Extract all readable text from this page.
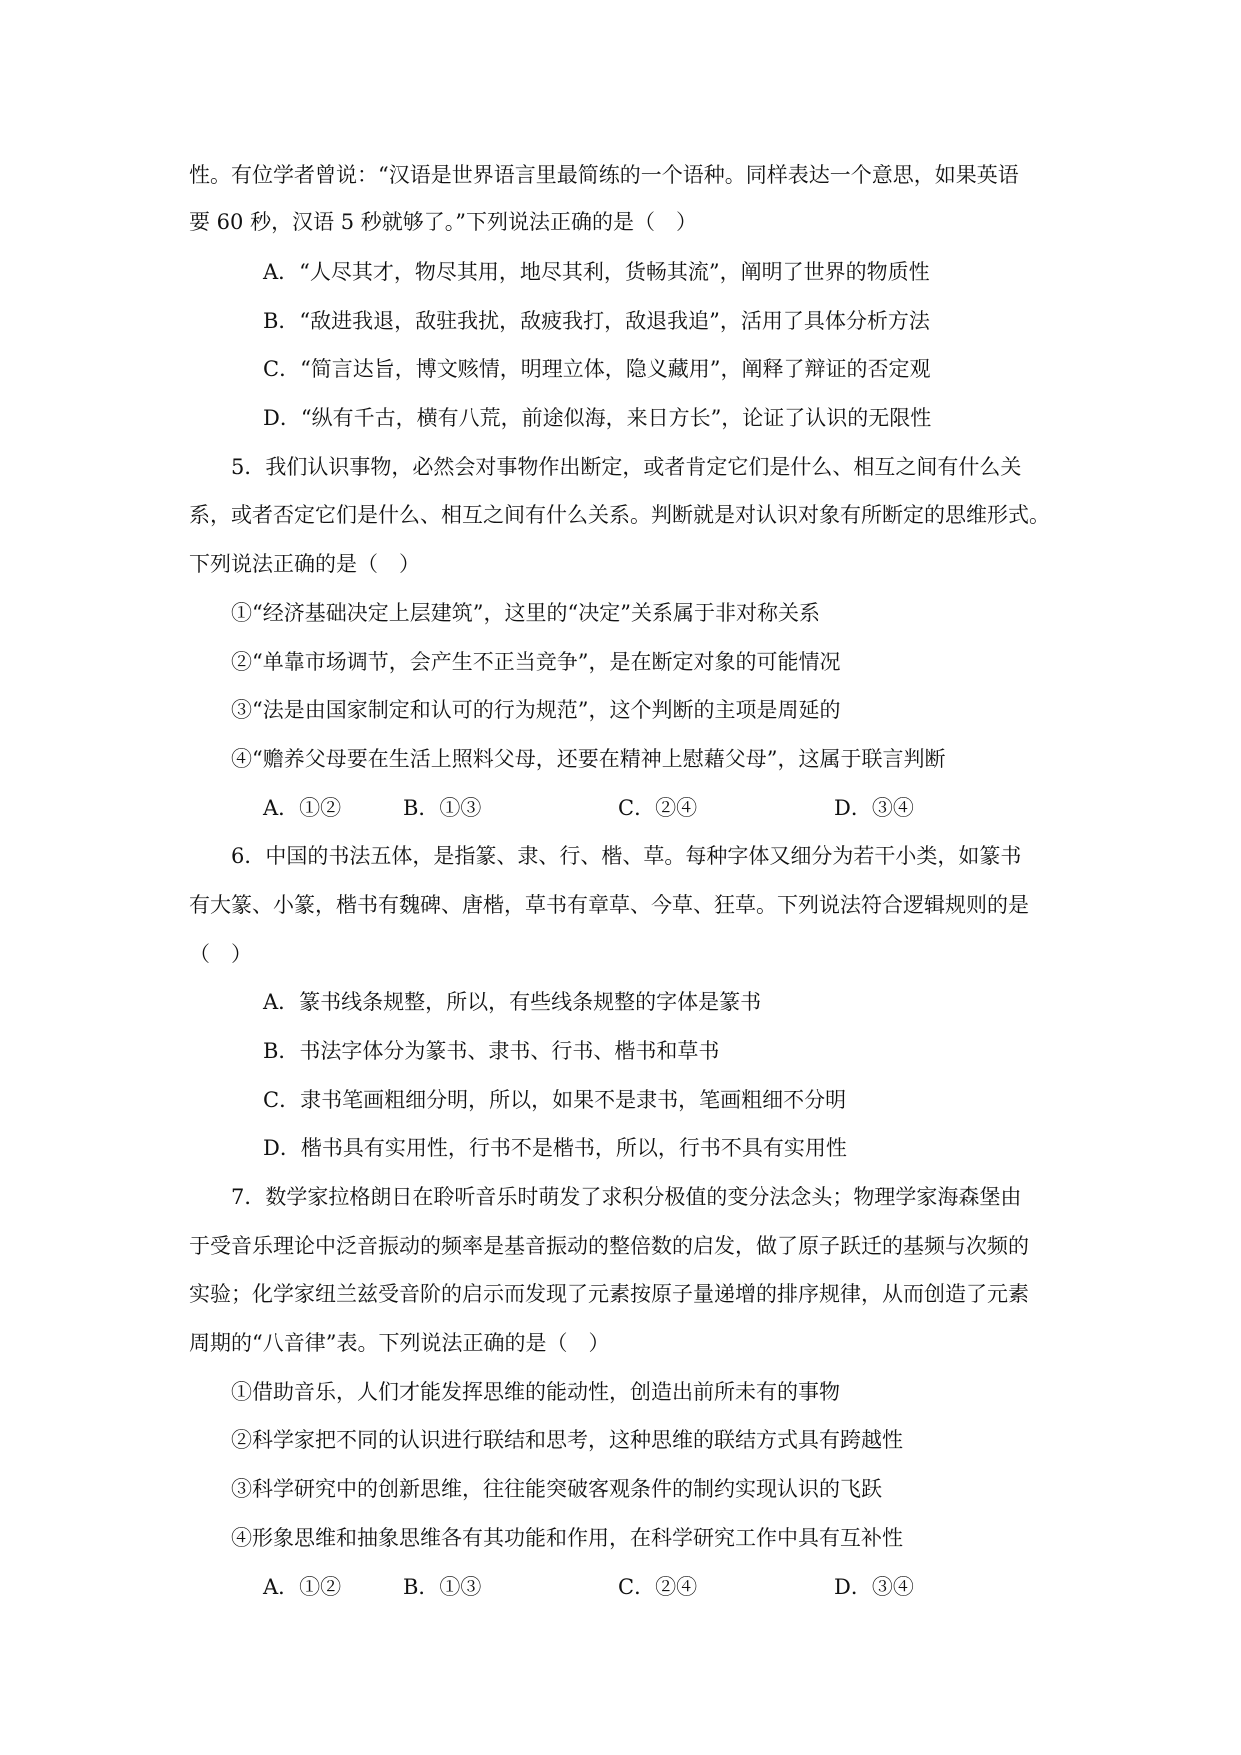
性。有位学者曾说：“汉语是世界语言里最简练的一个语种。同样表达一个意思，如果英语
要 60 秒，汉语 5 秒就够了。”下列说法正确的是（　）
A．“人尽其才，物尽其用，地尽其利，货畅其流”，阐明了世界的物质性
B．“敌进我退，敌驻我扰，敌疲我打，敌退我追”，活用了具体分析方法
C．“简言达旨，博文赅情，明理立体，隐义藏用”，阐释了辩证的否定观
D．“纵有千古，横有八荒，前途似海，来日方长”，论证了认识的无限性
5．我们认识事物，必然会对事物作出断定，或者肯定它们是什么、相互之间有什么关
系，或者否定它们是什么、相互之间有什么关系。判断就是对认识对象有所断定的思维形式。
下列说法正确的是（　）
①“经济基础决定上层建筑”，这里的“决定”关系属于非对称关系
②“单靠市场调节，会产生不正当竞争”，是在断定对象的可能情况
③“法是由国家制定和认可的行为规范”，这个判断的主项是周延的
④“赡养父母要在生活上照料父母，还要在精神上慰藉父母”，这属于联言判断
A．①②	B．①③	C．②④	D．③④
6．中国的书法五体，是指篆、隶、行、楷、草。每种字体又细分为若干小类，如篆书
有大篆、小篆，楷书有魏碑、唐楷，草书有章草、今草、狂草。下列说法符合逻辑规则的是
（　）
A．篆书线条规整，所以，有些线条规整的字体是篆书
B．书法字体分为篆书、隶书、行书、楷书和草书
C．隶书笔画粗细分明，所以，如果不是隶书，笔画粗细不分明
D．楷书具有实用性，行书不是楷书，所以，行书不具有实用性
7．数学家拉格朗日在聆听音乐时萌发了求积分极值的变分法念头；物理学家海森堡由
于受音乐理论中泛音振动的频率是基音振动的整倍数的启发，做了原子跃迁的基频与次频的
实验；化学家纽兰兹受音阶的启示而发现了元素按原子量递增的排序规律，从而创造了元素
周期的“八音律”表。下列说法正确的是（　）
①借助音乐，人们才能发挥思维的能动性，创造出前所未有的事物
②科学家把不同的认识进行联结和思考，这种思维的联结方式具有跨越性
③科学研究中的创新思维，往往能突破客观条件的制约实现认识的飞跃
④形象思维和抽象思维各有其功能和作用，在科学研究工作中具有互补性
A．①②	B．①③	C．②④	D．③④
